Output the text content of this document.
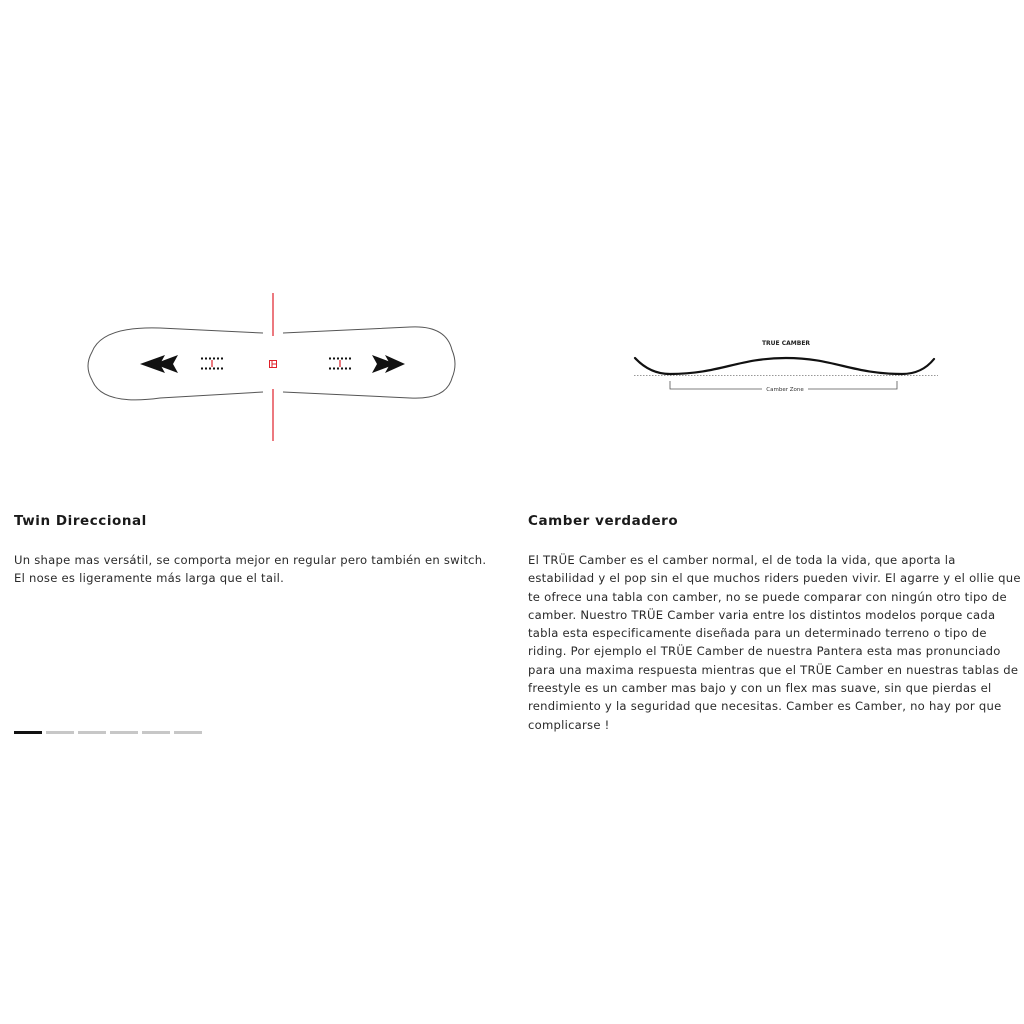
TRUE CAMBER
Camber Zone
Twin Direccional

Un shape mas versátil, se comporta mejor en regular pero también en switch. El nose es ligeramente más larga que el tail.

Camber verdadero

El TRÜE Camber es el camber normal, el de toda la vida, que aporta la estabilidad y el pop sin el que muchos riders pueden vivir. El agarre y el ollie que te ofrece una tabla con camber, no se puede comparar con ningún otro tipo de camber. Nuestro TRÜE Camber varia entre los distintos modelos porque cada tabla esta especificamente diseñada para un determinado terreno o tipo de riding. Por ejemplo el TRÜE Camber de nuestra Pantera esta mas pronunciado para una maxima respuesta mientras que el TRÜE Camber en nuestras tablas de freestyle es un camber mas bajo y con un flex mas suave, sin que pierdas el rendimiento y la seguridad que necesitas. Camber es Camber, no hay por que complicarse !
